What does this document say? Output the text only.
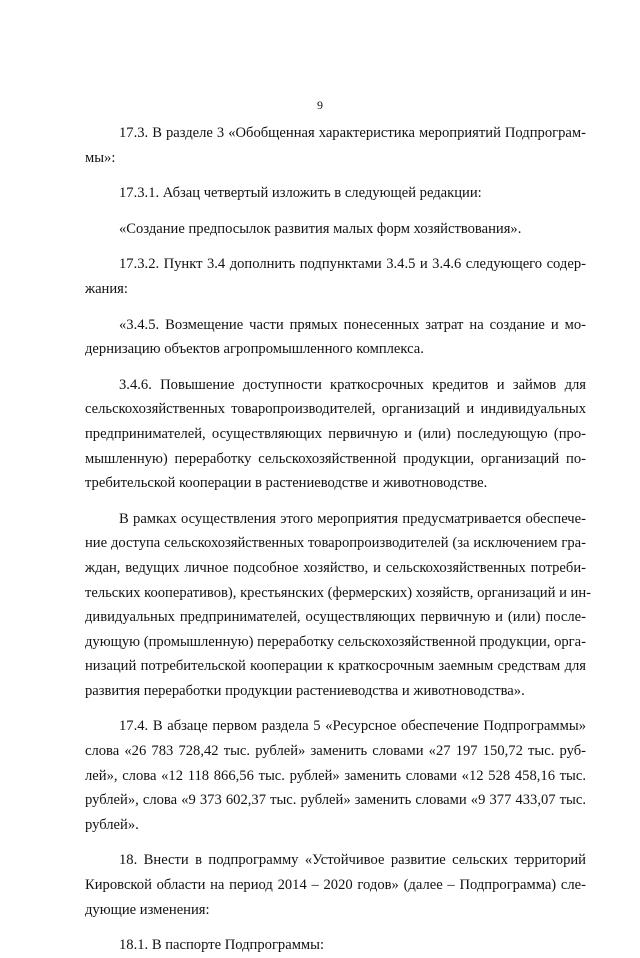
9
17.3. В разделе 3 «Обобщенная характеристика мероприятий Подпрограм-
мы»:
17.3.1. Абзац четвертый изложить в следующей редакции:
«Создание предпосылок развития малых форм хозяйствования».
17.3.2. Пункт 3.4 дополнить подпунктами 3.4.5 и 3.4.6 следующего содер-
жания:
«3.4.5. Возмещение части прямых понесенных затрат на создание и мо-
дернизацию объектов агропромышленного комплекса.
3.4.6. Повышение доступности краткосрочных кредитов и займов для
сельскохозяйственных товаропроизводителей, организаций и индивидуальных
предпринимателей, осуществляющих первичную и (или) последующую (про-
мышленную) переработку сельскохозяйственной продукции, организаций по-
требительской кооперации в растениеводстве и животноводстве.
В рамках осуществления этого мероприятия предусматривается обеспече-
ние доступа сельскохозяйственных товаропроизводителей (за исключением гра-
ждан, ведущих личное подсобное хозяйство, и сельскохозяйственных потреби-
тельских кооперативов), крестьянских (фермерских) хозяйств, организаций и ин-
дивидуальных предпринимателей, осуществляющих первичную и (или) после-
дующую (промышленную) переработку сельскохозяйственной продукции, орга-
низаций потребительской кооперации к краткосрочным заемным средствам для
развития переработки продукции растениеводства и животноводства».
17.4. В абзаце первом раздела 5 «Ресурсное обеспечение Подпрограммы»
слова «26 783 728,42 тыс. рублей» заменить словами «27 197 150,72 тыс. руб-
лей», слова «12 118 866,56 тыс. рублей» заменить словами «12 528 458,16 тыс.
рублей», слова «9 373 602,37 тыс. рублей» заменить словами «9 377 433,07 тыс.
рублей».
18. Внести в подпрограмму «Устойчивое развитие сельских территорий
Кировской области на период 2014 – 2020 годов» (далее – Подпрограмма) сле-
дующие изменения:
18.1. В паспорте Подпрограммы:
